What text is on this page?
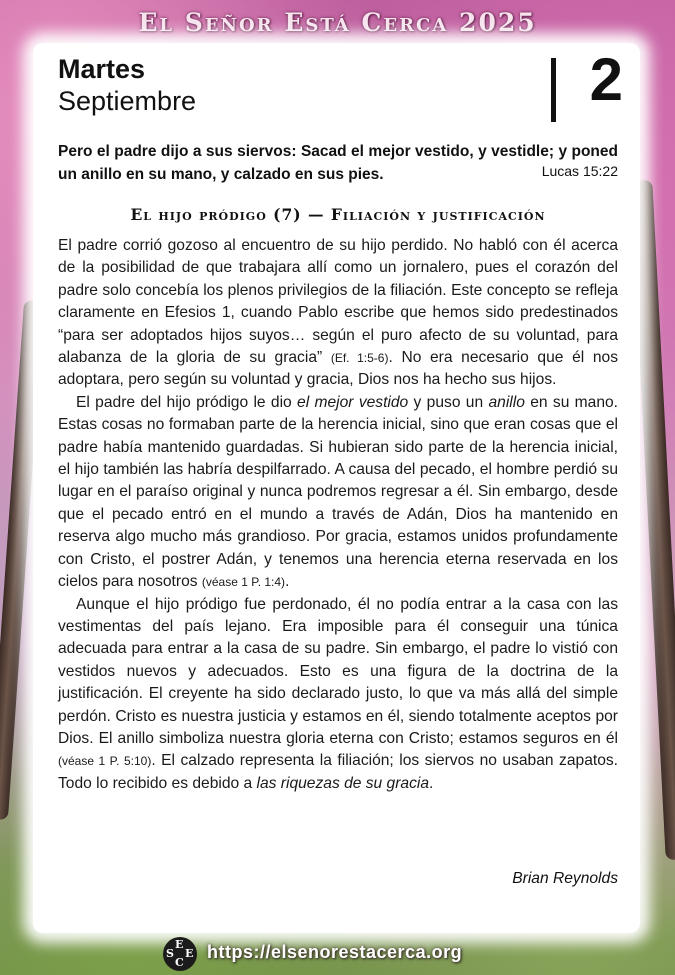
El Señor Está Cerca 2025
Martes
Septiembre	2
Pero el padre dijo a sus siervos: Sacad el mejor vestido, y vestidle; y poned un anillo en su mano, y calzado en sus pies.	Lucas 15:22
El hijo pródigo (7) — Filiación y justificación

El padre corrió gozoso al encuentro de su hijo perdido. No habló con él acerca de la posibilidad de que trabajara allí como un jornalero, pues el corazón del padre solo concebía los plenos privilegios de la filiación. Este concepto se refleja claramente en Efesios 1, cuando Pablo escribe que hemos sido predestinados “para ser adoptados hijos suyos… según el puro afecto de su voluntad, para alabanza de la gloria de su gracia” (Ef. 1:5-6). No era necesario que él nos adoptara, pero según su voluntad y gracia, Dios nos ha hecho sus hijos.

El padre del hijo pródigo le dio el mejor vestido y puso un anillo en su mano. Estas cosas no formaban parte de la herencia inicial, sino que eran cosas que el padre había mantenido guardadas. Si hubieran sido parte de la herencia inicial, el hijo también las habría despilfarrado. A causa del pecado, el hombre perdió su lugar en el paraíso original y nunca podremos regresar a él. Sin embargo, desde que el pecado entró en el mundo a través de Adán, Dios ha mantenido en reserva algo mucho más grandioso. Por gracia, estamos unidos profundamente con Cristo, el postrer Adán, y tenemos una herencia eterna reservada en los cielos para nosotros (véase 1 P. 1:4).

Aunque el hijo pródigo fue perdonado, él no podía entrar a la casa con las vestimentas del país lejano. Era imposible para él conseguir una túnica adecuada para entrar a la casa de su padre. Sin embargo, el padre lo vistió con vestidos nuevos y adecuados. Esto es una figura de la doctrina de la justificación. El creyente ha sido declarado justo, lo que va más allá del simple perdón. Cristo es nuestra justicia y estamos en él, siendo totalmente aceptos por Dios. El anillo simboliza nuestra gloria eterna con Cristo; estamos seguros en él (véase 1 P. 5:10). El calzado representa la filiación; los siervos no usaban zapatos. Todo lo recibido es debido a las riquezas de su gracia.

Brian Reynolds
E
S E
C
https://elsenorestacerca.org
